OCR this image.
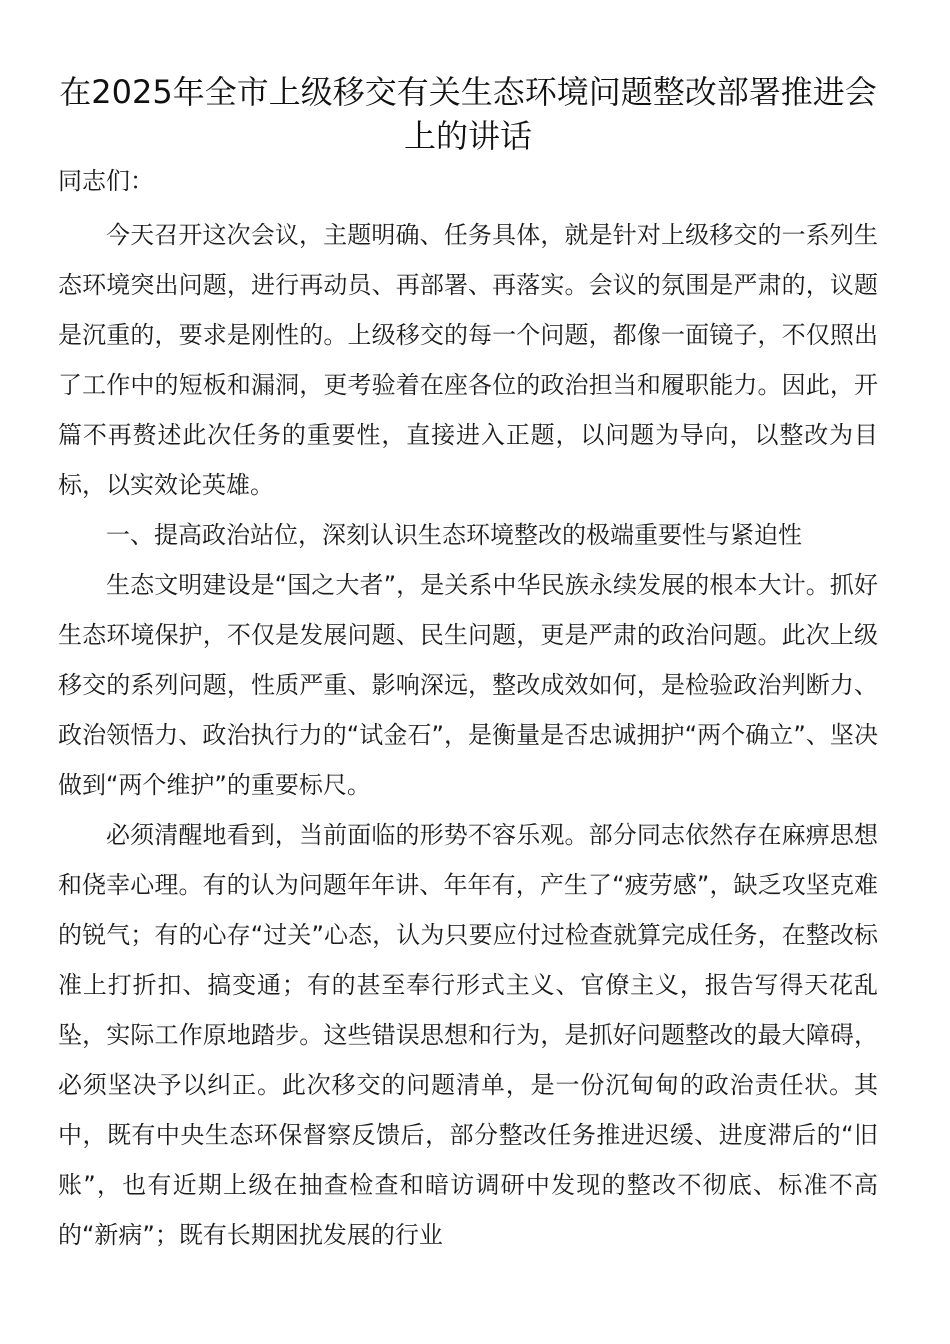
在2025年全市上级移交有关生态环境问题整改部署推进会上的讲话

同志们：

今天召开这次会议，主题明确、任务具体，就是针对上级移交的一系列生态环境突出问题，进行再动员、再部署、再落实。会议的氛围是严肃的，议题是沉重的，要求是刚性的。上级移交的每一个问题，都像一面镜子，不仅照出了工作中的短板和漏洞，更考验着在座各位的政治担当和履职能力。因此，开篇不再赘述此次任务的重要性，直接进入正题，以问题为导向，以整改为目标，以实效论英雄。

一、提高政治站位，深刻认识生态环境整改的极端重要性与紧迫性

生态文明建设是“国之大者”，是关系中华民族永续发展的根本大计。抓好生态环境保护，不仅是发展问题、民生问题，更是严肃的政治问题。此次上级移交的系列问题，性质严重、影响深远，整改成效如何，是检验政治判断力、政治领悟力、政治执行力的“试金石”，是衡量是否忠诚拥护“两个确立”、坚决做到“两个维护”的重要标尺。

必须清醒地看到，当前面临的形势不容乐观。部分同志依然存在麻痹思想和侥幸心理。有的认为问题年年讲、年年有，产生了“疲劳感”，缺乏攻坚克难的锐气；有的心存“过关”心态，认为只要应付过检查就算完成任务，在整改标准上打折扣、搞变通；有的甚至奉行形式主义、官僚主义，报告写得天花乱坠，实际工作原地踏步。这些错误思想和行为，是抓好问题整改的最大障碍，必须坚决予以纠正。此次移交的问题清单，是一份沉甸甸的政治责任状。其中，既有中央生态环保督察反馈后，部分整改任务推进迟缓、进度滞后的“旧账”，也有近期上级在抽查检查和暗访调研中发现的整改不彻底、标准不高的“新病”；既有长期困扰发展的行业
